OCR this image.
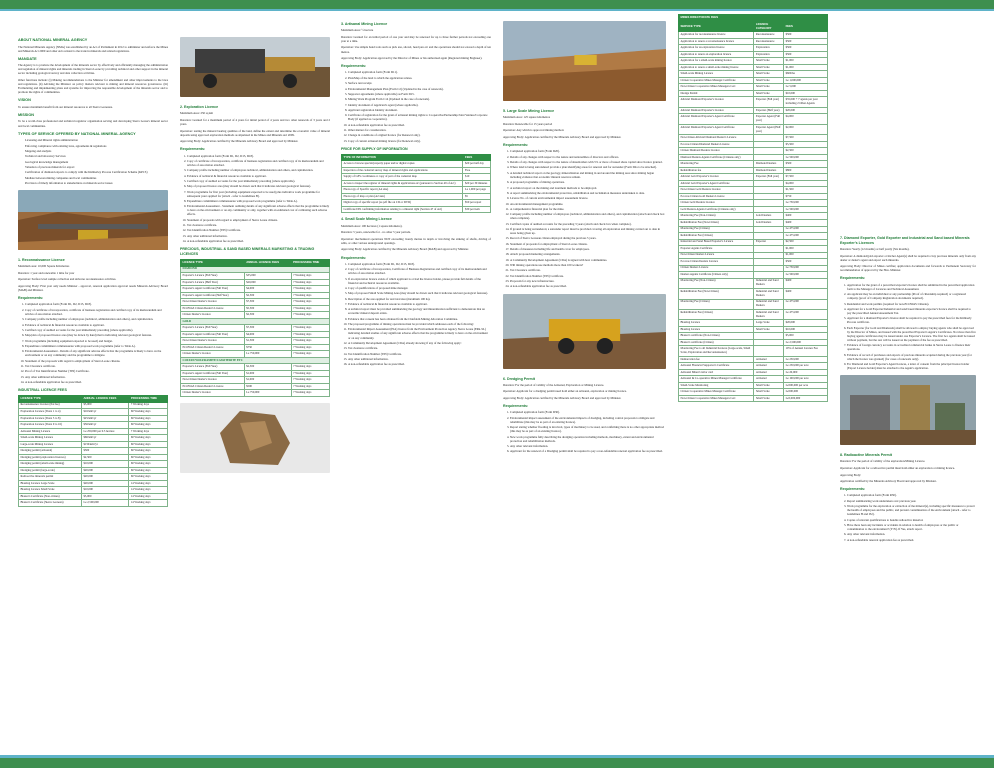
ABOUT NATIONAL MINERAL AGENCY

The National Minerals Agency (NMA) was established by an Act of Parliament in 2012 to administer and enforce the Mines and Minerals Act 2009 and other Acts related to the trade in minerals and related regulations.

MANDATE

The Agency is to promote the development of the minerals sector by effectively and efficiently managing the administration and regulation of mineral rights and minerals trading in Sierra Leone by providing technical and other support in the mineral sector including geological survey and data collection activities.

Other functions include: (i) Making recommendations to the Minister for amendment and other improvements to the laws and regulations. (ii) Advising the Minister on policy matters relevant to mining and mineral resources governance. (iii) Formulating and implementing plans and systems for improving the responsible development of the minerals sector and to promote the rights of communities.

VISION

To ensure maximum benefit from our mineral resources to all Sierra Leoneans.

MISSION

To be a world-class professional and technical regulator organization serving and developing Sierra Leone's mineral sector and local communities.

TYPES OF SERVICE OFFERED BY NATIONAL MINERAL AGENCY
• Licensing and Mineral rights administration
• Enforcing compliance with existing laws, agreements & regulations
• Mapping and analysis
• Technical and laboratory Services
• Geological knowledge management
• Valuation of precious minerals for export
• Certification of diamond exports to comply with the Kimberley Process Certification Scheme (KPCS)
• Mediate between mining companies and local communities
• Provision of timely information to stakeholders on minerals sector issues
1. Reconnaissance Licence

Maximum area: 10,000 Square Kilometres

Duration: 1 year and renewable 1 time for year

Operation: Surface level sample collection and airborne reconnaissance activities.

Approving Body: First year only needs Minister - approval, renewal application approval needs Minerals Advisory Board (MAB) and Minister.

Requirements:
1. Completed application form (Form D1, D2, D15, D18).
2. Copy of certificate of incorporation, certificate of business registration and certified copy of its memorandum and articles of association attached.
3. Company profile including number of employees (technical, administration and others), and capitalization.
4. Evidence of technical & financial resources available to applicant.
5. Certified copy of audited accounts for the year immediately preceding (where applicable).
6. Map/plan of proposed licence area (may be drawn by hand) that is indicating relevant geological features.
7. Work programme (including equipment expected to be used) and budget.
8. Expenditure commitment commensurate with proposed work programme (refer to Table A).
9. Environmental Assessment - Details of any significant adverse effects that the programme is likely to have on the environment or on any community and the programme to mitigate.
10. Statement of the proposals with regard to employment of Sierra Leone citizens.
11. Tax Clearance certificate.
12. Proof of Tax Identification Number (TIN) Certificate.
13. Any other additional information.
14. A non-refundable application fee as prescribed.
INDUSTRIAL LICENCE FEES
LICENCE TYPE	ANNUAL LICENCE FEES	PROCESSING TIME
Reconnaissance Licence (flat fee)	$5,000	7 Working days
Exploration Licence (Years 1 to 4)	$10/km²/yr	60 Working days
Exploration Licence (Years 5 to 8)	$25/km²/yr	60 Working days
Exploration Licence (Years 9 to 16)	$50/km²/yr	60 Working days
Artisanal Mining Licence	Le 250,000 per 0.5 hectare	7 Working days
Small-scale Mining Licence	$60/km²/yr	60 Working days
Large-scale Mining Licence	$150/km²/yr	60 Working days
Dredging permit (artisanal)	$500	60 Working days
Dredging permit (exploration licences)	$2,500	60 Working days
Dredging permit (small-scale mining)	$10,000	60 Working days
Dredging permit (large-scale)	$20,000	60 Working days
Radioactive minerals permit	$20,000	60 Working days
Blasting Licence Large Scale	$20,000	14 Working days
Blasting Licence Small Scale	$10,000	14 Working days
Blaster's Certificate (Non-citizen)	$5,000	14 Working days
Blaster's Certificate (Sierra Leonean)	Le 2,500,000	14 Working days
2. Exploration Licence

Maximum Area: 250 sq km

Duration: Granted for a maximum period of 4 years for initial period of 4 years and two other renewals of 3 years and 2 years.

Operation: testing the mineral bearing qualities of the land, define the extent and determine the economic value of mineral deposits using approved exploration methods as stipulated in the Mines and Minerals Act 2009.

Approving Body: Application certified by the Minerals Advisory Board and approved by Minister.

Requirements:
1. Completed application form (Form D1, D2, D15, D18).
2. Copy of certificate of incorporation, certificate of business registration and certified copy of its memorandum and articles of association attached.
3. Company profile including number of employees technical, administration and others, and capitalization.
4. Evidence of technical & financial resources available to applicant.
5. Certified copy of audited accounts for the year immediately preceding (where applicable).
6. Map of proposed licence area (may should be drawn such that it indicates relevant geological features).
7. Work programme for first year (including equipment expected to be used) plus indicative work programme for subsequent years applied for (attach - refer to Guidelines B).
8. Expenditure commitment commensurate with proposed work programme (refer to Table A).
9. Environmental Assessment - Statement outlining details of any significant adverse effects that the programme is likely to have on the environment or on any community or only, together with an estimated cost of combating such adverse effects.
10. Statement of proposals with regard to employment of Sierra Leone citizens.
11. Tax clearance certificate.
12. Tax Identification Number (TIN) Certificate.
13. Any other additional information.
14. A non-refundable application fee as prescribed.
PRECIOUS, INDUSTRIAL & SAND BASED MINERALS MARKETING & TRADING LICENCES
LICENCE TYPE	ANNUAL LICENCE FEES	PROCESSING TIME
DIAMOND		
Exporter's Licence (Full Year)	$35,000	7 Working days
Exporter's Licence (Half Year)	$20,000	7 Working days
Exporter's Agent Certificate (Full Year)	$4,000	7 Working days
Exporter's Agent Certificate (Half Year)	$2,500	7 Working days
Non-Citizen Dealer's Licence	$7,500	7 Working days
ECOWAS Citizen Dealer's Licence	$5,500	7 Working days
Citizen Dealer's Licence	$2,500	7 Working days
GOLD		
Exporter's Licence (Full Year)	$7,500	7 Working days
Exporter's Agent Certificate (Full Year)	$4,000	7 Working days
Non-Citizen Dealer's Licence	$1,500	7 Working days
ECOWAS Citizen Dealer's Licence	$750	7 Working days
Citizen Dealer's Licence	Le 750,000	7 Working days
COLTAN/WOLFRAMITE/CASSITERITE ETC		
Exporter's Licence (Full Year)	$2,500	7 Working days
Exporter's Agent Certificate (Full Year)	$1,000	7 Working days
Non-Citizen Dealer's Licence	$1,000	7 Working days
ECOWAS Citizen Dealer's Licence	$500	7 Working days
Citizen Dealer's Licence	Le 750,000	7 Working days
3. Artisanal Mining Licence

Maximum Area: ½ hectare

Duration: Granted for an initial period of one year and may be renewed for up to three further periods not exceeding one year at a time.

Operation: Use simple hand tools such as pick axe, shovel, head pan etc and the operations should not exceed a depth of ten metres.

Approving Body: Application approved by the Director of Mines or his authorised agent (Regional mining Engineer).

Requirements:
1. Completed application form (Form D11).
2. Plan/Map of the land to which the application relates.
3. Surface rent receipt.
4. Environmental Management Plan (Form C2) (Updated in the case of renewals).
5. Supporter agreements (where applicable) as Form D15.
6. Mining Work Program Form C14 (Updated in the case of renewals).
7. Identity document of Applicant's agent (where applicable).
8. Applicant registration Identity document.
9. Certificate of registration for the grant of artisanal mining rights to Cooperative/Partnership/Joint Venture/Corporate Body (if applied as cooperative).
10. A non-refundable application fee as prescribed.
11. Other matters for consideration.
12. Change in conditions of original licence (for Renewal only).
13. Copy of current artisanal mining licence (for Renewal only).
PRICE FOR SUPPLY OF INFORMATION
TYPE OF INFORMATION	FEES
Access to browse special/property paper and/or digital copies	$20 per half day
Inspection of the cadastral survey map of mineral rights and applications	Free
Supply of GPS coordinates or copy of part of the cadastral map	$10
Access to inspect the register of mineral rights & applications etc (pursuant to Section 49 of Act)	$20 per 30 minutes
Photocopy of Specific report (A4 size)	Le 1,000 per page
Photocopy of map or plan (A2 size)	$5
Digital copy of specific report (as pdf file on CD or DVD)	$50 per report
Certificate DIS confirming information relating to a mineral right (Section 47 of Act)	$30 per item
4. Small Scale Mining Licence

Maximum Area: 100 hectares (1 square kilometre).

Duration: 5 years, renewable for - no other 5 year periods.

Operation: mechanized operations NOT exceeding twenty metres in depth or involving the sinking of shafts, driving of adits, or other various underground openings.

Approving Body: Application certified by the Minerals Advisory Board (MAB) and approved by Minister.

Requirements:
1. Completed application form (Form D1, D2, D15, D18).
2. Copy of certificate of incorporation, Certificate of Business Registration and certified copy of its memorandum and articles of association attached.
3. If an exploration licence exists of which applicant is or had the licence holder, please provide full details of the financial and technical resources available.
4. Copy of qualifications of proposed mine manager.
5. Map of proposed Small Scale Mining Area (may should be drawn such that it indicates relevant geological features).
6. Description of the area applied for and total size (maximum 100 ha).
7. Evidence of technical & financial resources available to applicant.
8. A technical report must be provided summarizing the geology and mineralization sufficient to demonstrate that an economic mineral deposit exists.
9. Evidence that consent has been obtained from the Chiefdom Mining Allocation Committee.
10. The proposed programme of mining operations must be provided which addresses each of the following:
11. Environmental Impact Assessment (EIA) licence from the Environment Protection Agency Sierra Leone (EPA-SL) indicating detailed studies of any significant adverse effects that the programme is likely to have on the environment or on any community.
12. A Community Development Agreement (CDA) already showing if any of the following apply:
13. Tax clearance certificate.
14. Tax Identification Number (TIN) Certificate.
15. Any other additional information.
16. A non-refundable application fee as prescribed.
5. Large Scale Mining Licence

Maximum Area: 125 square kilometres

Duration: Renewable for 15 years period

Operation: Any which is approved mining method.

Approving Body: Application certified by the Minerals Advisory Board and approved by Minister.

Requirements:
1. Completed application form (Form D20).
2. Details of any changes with respect to the nature and nationalities of directors and officers.
3. Details of any changes with respect to the nature of shareholders with 5% or more of issued share capital since licence granted.
4. Where land is being surrendered provide a plan identifying areas for renewal and for surrender (Form D2a to be attached).
5. A detailed technical report on the geology, mineralization and mining in and around the mining area since mining began including evidence that economic mineral reserves remain.
6. A proposed programme of mining operations.
7. A technical report on the mining and treatment methods to be employed.
8. A report summarizing the environmental protection, rehabilitation and reclamation measures undertaken to date.
9. Licence No. of current environmental impact assessment licence.
10. An environmental management programme.
11. A comprehensive financial plan for the mine.
12. Company profile including number of employees (technical, administration and others), and capitalization (attach and check box when complete).
13. Certified copies of audited accounts for the preceding 3 years (attach and check box when complete).
14. If ground is being surrendered, a surrender report must be provided covering all exploration and mining carried out to date in areas being given up.
15. Record of Sierra Leonean citizen employed during the previous 5 years.
16. Statement of proposals for employment of Sierra Leone citizens.
17. Details of measures including life and health cover for employees.
18. Attach proposed marketing arrangements.
19. A Community Development Agreement (CDA) is signed with host communities.
20. Will mining operations use methods more than 100 workers?
21. Tax Clearance certificate.
22. Tax Identification Number (TIN) Certificate.
23. Proposals for any new infrastructure.
24. A non-refundable application fee as prescribed.
6. Dredging Permit

Duration: For the period of validity of the Artisanal, Exploration or Mining Licence.

Operation: Applicant for a dredging permit need hold either an artisanal, exploration or mining licence.

Approving Body: Application certified by the Minerals Advisory Board and approved by Minister.

Requirements:
1. Completed application form (Form D30).
2. Environmental impact assessment of the environmental impacts of dredging, including control proposals to mitigate and rehabilitate (this may be as part of an existing licence).
3. Report stating whether flooding is involved, types of machinery to be used, and confirming there is no other appropriate method (this may be as part of an existing licence).
4. New work programme fully describing the dredging operation including methods, machinery, extent and environmental protection and rehabilitation methods.
5. Any other relevant information.
6. Applicant for the renewal of a Dredging permit shall be required to pay a non-refundable renewal application fee as prescribed.
MINES DIRECTORATE FEES		
SERVICE TYPE	LICENCE CATEGORY	FEES
Application for reconnaissance licence	Reconnaissance	$500
Application to renew a reconnaissance licence	Reconnaissance	$500
Application for an exploration licence	Exploration	$500
Application to renew an exploration licence	Exploration	$500
Application for a small-scale mining licence	Small Scale	$1,000
Application to renew a small-scale mining licence	Small Scale	$1,000
Small-scale Mining Licence	Small Scale	$600/ha
Citizen Cooperative Mines Manager Certificate	Small Scale	Le 1,000,000
Non-Citizen Cooperative Mines Managers Cert	Small Scale	Le 5,000
Dredge Permit	Small Scale	$10,000
Alluvial Diamond Exporter's Licence	Exporter (Full year)	$35,000 + 7 agents per year including 2 Other Agents
Alluvial Diamond Exporter's Licence	Exporter (Half year)	$20,000
Alluvial Diamond Exporter's Agent Certificate	Exporter Agent (Full year)	$4,000
Alluvial Diamond Exporter's Agent Certificate	Exporter Agent (Half year)	$2,000
Non-Citizen Alluvial Diamond Dealer's Licence		$7,500
Ecowas Citizen Diamond Dealers Licence		$5,500
Citizen Diamond Dealers Licence		$2,500
Diamond Dealers Agents Certificate (Citizens only)		Le 500,000
Monitoring Fee	Diamond Dealers	$500
Rehabilitation fee	Diamond Dealers	$800
Alluvial Gold Exporter's Licence	Exporter (Full year)	$7,500
Alluvial Gold Exporter's Agent Certificate		$4,000
Non-Citizen Gold Dealers Licence		$1,500
Ecowas Citizen Gold Dealers Licence		$750
Citizen Gold Dealers Licence		Le 750,000
Gold Dealers Agents Certificate (Citizens only)		Le 500,000
Monitoring Fee (Non-Citizen)	Gold Dealers	$400
Rehabilitation Fee (Non-Citizen)	Gold Dealers	$400
Monitoring Fee (Citizen)		Le 475,000
Rehabilitation Fee (Citizen)		Le 475,000
Industrial and Sand Based Exporter's Licence	Exporter	$2,500
Exporter Agents Certificate		$1,000
Non-Citizen Dealers Licence		$1,000
Ecowas Citizen Dealers Licence		$500
Citizen Dealers Licence		Le 750,000
Dealers Agents Certificate (Citizen only)		Le 500,000
Monitoring Fee (Non-Citizen)	Industrial and Sand Dealers	$400
Rehabilitation Fee (Non-Citizen)	Industrial and Sand Dealers	$400
Monitoring Fee (Citizen)	Industrial and Sand Dealers	Le 475,000
Rehabilitation Fee (Citizen)	Industrial and Sand Dealers	Le 475,000
Blasting Licence	Large Scale	$20,000
Blasting Licence	Small Scale	$10,000
Blaster's certificate (Non-Citizen)		$5,000
Blaster's certificate (Citizen)		Le 2,500,000
Monitoring Fee to all Industrial licences (Large-scale, Small Scale, Exploration and Reconnaissance)		10% of Annual Licence Fee
Demarcation fee	Artisanal	Le 250,000
Artisanal Financial Supporter's Certificate	Artisanal	Le 250,000 per acre
Artisanal Miner's tailor card	Artisanal	Le 20,000
Artisanal & Co-operative Mines Manager Certificate	Artisanal	Le 100,000 per acre
Small-Scale Monitoring	Small Scale	Le500,000 per acre
Citizen Cooperative Mines Manager Certificate	Small Scale	Le500,000
Non-Citizen Cooperative Mines Managers Cert	Small Scale	Le5,000,000
7. Diamond Exporter, Gold Exporter and Industrial and Sand based Minerals Exporter's Licences

Duration: Yearly (12 months) or half yearly (Six months).

Operation: A diamond/gold exporter or his/her Agent(s) shall be required to buy precious minerals only from any dealer or dealer's agent and export such minerals.

Approving Body: Director of Mines certifies; application documents and forwards to Permanent Secretary for recommendation of approval by the Hon. Minister.

Requirements:
1. Application for the grant of a prescribed exporter's licence shall be submitted in the prescribed application form to the Manager of Licences and Technical Assessment.
2. An applicant may be an individual or any partnership (Proof of citizenship required) or a registered company (proof of Company Registration documents required).
3. Residential and work permits (required for non-ECOWAS Citizens).
4. Applicant for a Gold Exporter/Industrial and sand based minerals exporter's licence shall be required to pay the prescribed Annual Assessment Tax.
5. Applicant for a diamond Exporter's licence shall be required to pay the prescribed fees for the Kimberly Process certificate.
6. Each Exporter (for Gold and Diamonds) shall be allowed to employ buying agents who shall be approved by the Director of Mines, and issued with the prescribed Exporter's Agent's Certificates. Not more than five buying agents certificates may be issued under one Exporter's Licence. The first two agents shall be issued without payment, but the rest will be issued on the payment of the fee as prescribed.
7. Evidence of foreign currency accounts in accredited commercial banks in Sierra Leone to finance their operations.
8. Evidence of record of purchases and exports of precious minerals acquired during the previous year (for which the licence was granted) (for cases of renewals only).
9. For Diamond and Gold Exporter's Agent licences, a letter of consent from the principal licence holder (Export Licence holder) must be attached to the Agent's application.
8. Radioactive Minerals Permit

Duration: For the period of validity of the exploration/Mining Licence.

Operation: Applicant for a radioactive permit must hold either an exploration or mining licence.

Approving Body:

Application certified by the Minerals Advisory Board and approved by Minister.

Requirements:
1. Completed application form (Form R30).
2. Report summarizing work undertaken over previous year.
3. Work programme for the exploration or extraction of the mineral(s), including specific measures to protect the health of employees and the public, and prevent contamination of the environment (attach - refer to Guidelines H and I32).
4. Copies of relevant qualifications to handle radioactive material.
5. Have there been any incidents or accidents in relation to health of employees or the public or contamination to the environment? (Y/N). If Yes, attach report.
6. Any other relevant information.
7. A non-refundable renewal application fee as prescribed.
